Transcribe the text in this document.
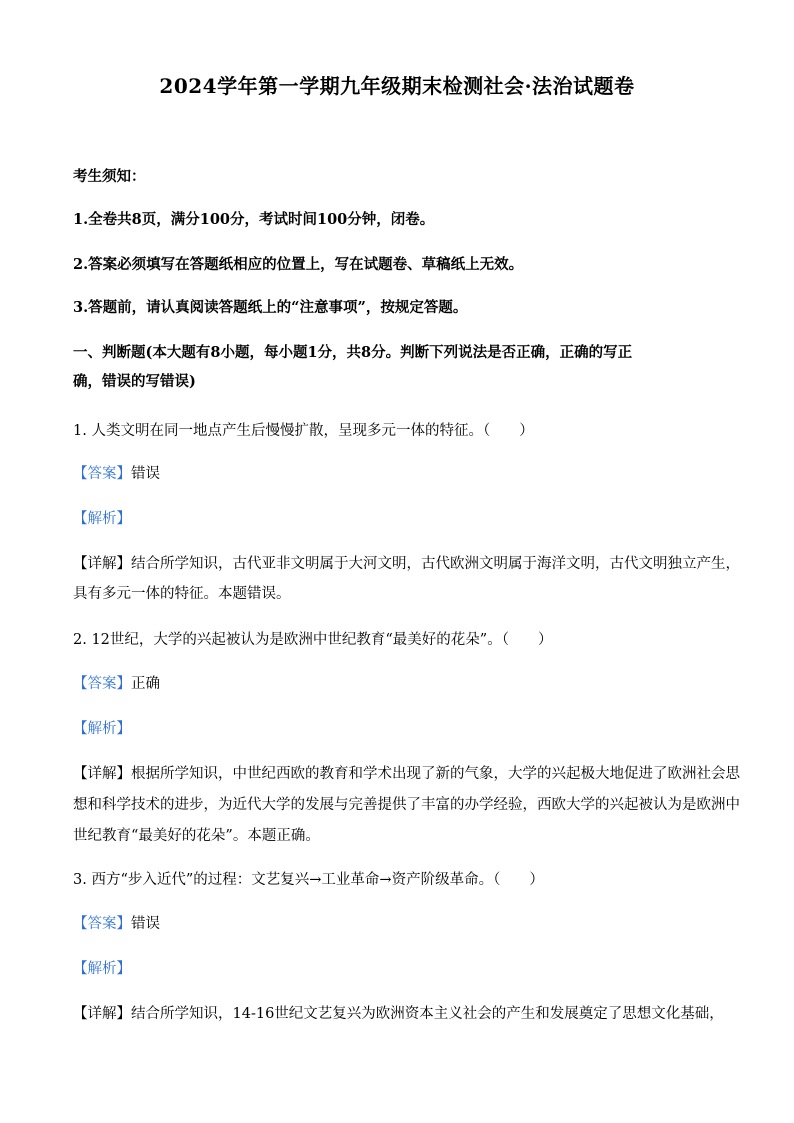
2024学年第一学期九年级期末检测社会·法治试题卷
考生须知：
1.全卷共8页，满分100分，考试时间100分钟，闭卷。
2.答案必须填写在答题纸相应的位置上，写在试题卷、草稿纸上无效。
3.答题前，请认真阅读答题纸上的“注意事项”，按规定答题。
一、判断题(本大题有8小题，每小题1分，共8分。判断下列说法是否正确，正确的写正
确，错误的写错误)
1. 人类文明在同一地点产生后慢慢扩散，呈现多元一体的特征。（　　）
【答案】错误
【解析】
【详解】结合所学知识，古代亚非文明属于大河文明，古代欧洲文明属于海洋文明，古代文明独立产生，
具有多元一体的特征。本题错误。
2. 12世纪，大学的兴起被认为是欧洲中世纪教育“最美好的花朵”。（　　）
【答案】正确
【解析】
【详解】根据所学知识，中世纪西欧的教育和学术出现了新的气象，大学的兴起极大地促进了欧洲社会思
想和科学技术的进步，为近代大学的发展与完善提供了丰富的办学经验，西欧大学的兴起被认为是欧洲中
世纪教育“最美好的花朵”。本题正确。
3. 西方“步入近代”的过程：文艺复兴→工业革命→资产阶级革命。（　　）
【答案】错误
【解析】
【详解】结合所学知识，14-16世纪文艺复兴为欧洲资本主义社会的产生和发展奠定了思想文化基础，
